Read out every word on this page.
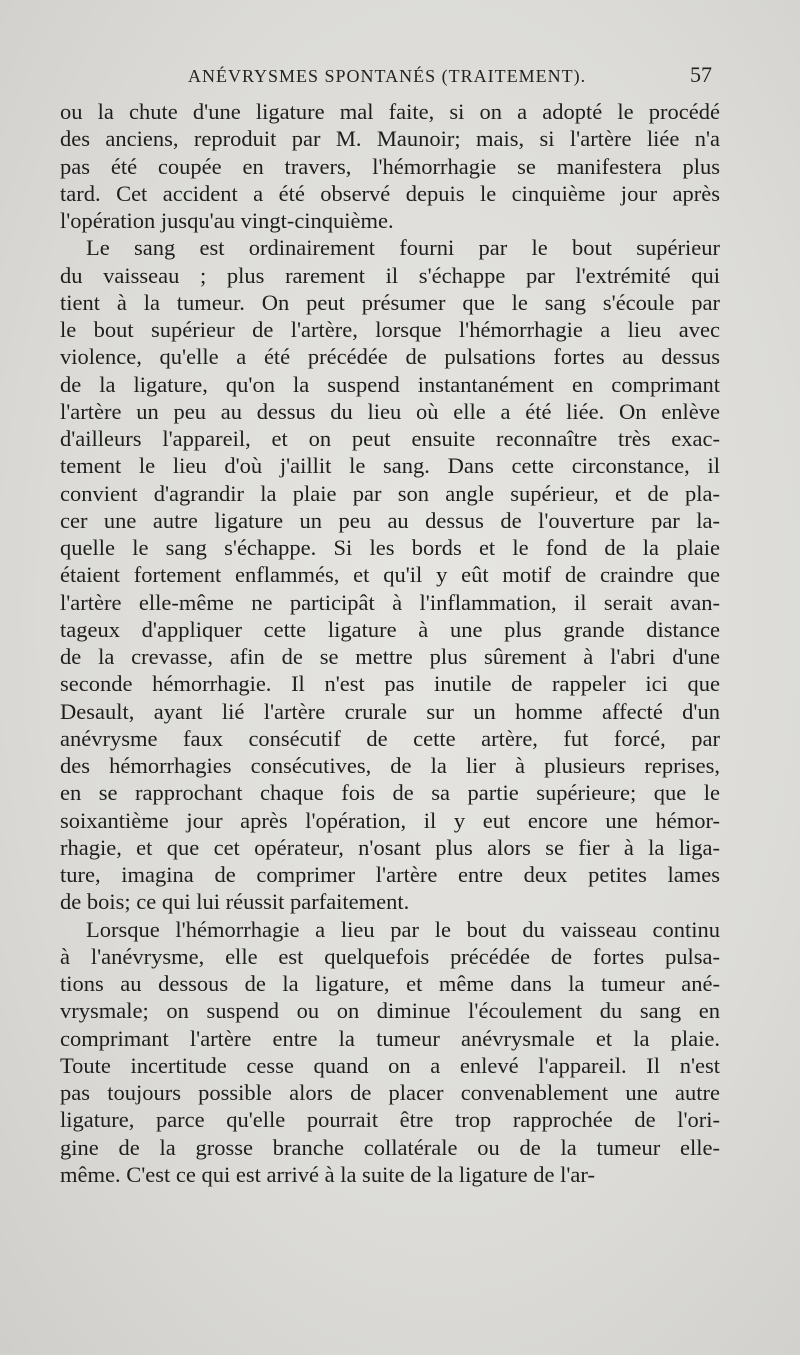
ANÉVRYSMES SPONTANÉS (TRAITEMENT).	57
ou la chute d'une ligature mal faite, si on a adopté le procédé
des anciens, reproduit par M. Maunoir; mais, si l'artère liée n'a
pas été coupée en travers, l'hémorrhagie se manifestera plus
tard. Cet accident a été observé depuis le cinquième jour après
l'opération jusqu'au vingt-cinquième.
Le sang est ordinairement fourni par le bout supérieur
du vaisseau ; plus rarement il s'échappe par l'extrémité qui
tient à la tumeur. On peut présumer que le sang s'écoule par
le bout supérieur de l'artère, lorsque l'hémorrhagie a lieu avec
violence, qu'elle a été précédée de pulsations fortes au dessus
de la ligature, qu'on la suspend instantanément en comprimant
l'artère un peu au dessus du lieu où elle a été liée. On enlève
d'ailleurs l'appareil, et on peut ensuite reconnaître très exac-
tement le lieu d'où j'aillit le sang. Dans cette circonstance, il
convient d'agrandir la plaie par son angle supérieur, et de pla-
cer une autre ligature un peu au dessus de l'ouverture par la-
quelle le sang s'échappe. Si les bords et le fond de la plaie
étaient fortement enflammés, et qu'il y eût motif de craindre que
l'artère elle-même ne participât à l'inflammation, il serait avan-
tageux d'appliquer cette ligature à une plus grande distance
de la crevasse, afin de se mettre plus sûrement à l'abri d'une
seconde hémorrhagie. Il n'est pas inutile de rappeler ici que
Desault, ayant lié l'artère crurale sur un homme affecté d'un
anévrysme faux consécutif de cette artère, fut forcé, par
des hémorrhagies consécutives, de la lier à plusieurs reprises,
en se rapprochant chaque fois de sa partie supérieure; que le
soixantième jour après l'opération, il y eut encore une hémor-
rhagie, et que cet opérateur, n'osant plus alors se fier à la liga-
ture, imagina de comprimer l'artère entre deux petites lames
de bois; ce qui lui réussit parfaitement.
Lorsque l'hémorrhagie a lieu par le bout du vaisseau continu
à l'anévrysme, elle est quelquefois précédée de fortes pulsa-
tions au dessous de la ligature, et même dans la tumeur ané-
vrysmale; on suspend ou on diminue l'écoulement du sang en
comprimant l'artère entre la tumeur anévrysmale et la plaie.
Toute incertitude cesse quand on a enlevé l'appareil. Il n'est
pas toujours possible alors de placer convenablement une autre
ligature, parce qu'elle pourrait être trop rapprochée de l'ori-
gine de la grosse branche collatérale ou de la tumeur elle-
même. C'est ce qui est arrivé à la suite de la ligature de l'ar-
